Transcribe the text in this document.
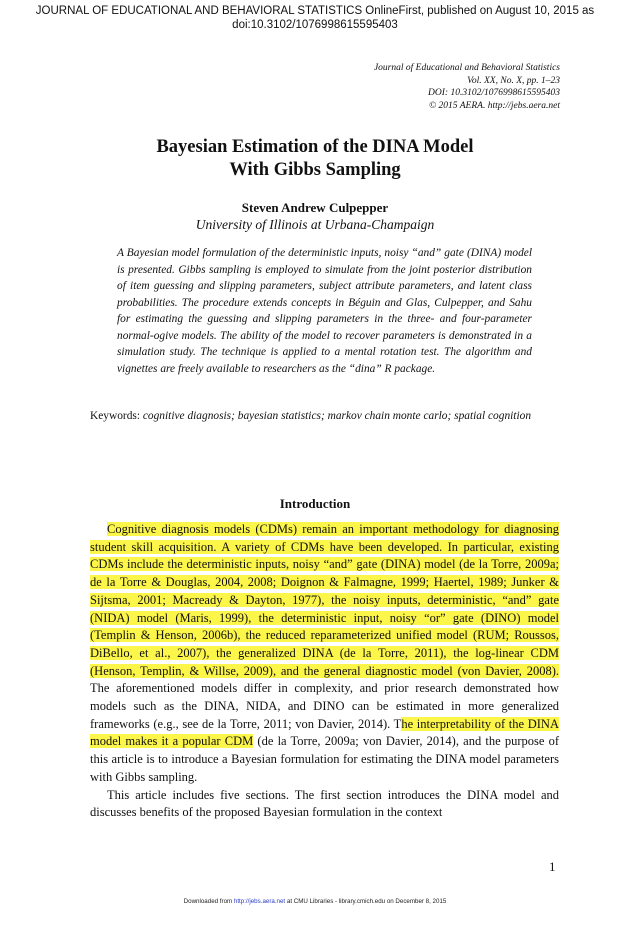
JOURNAL OF EDUCATIONAL AND BEHAVIORAL STATISTICS OnlineFirst, published on August 10, 2015 as
doi:10.3102/1076998615595403
Journal of Educational and Behavioral Statistics
Vol. XX, No. X, pp. 1–23
DOI: 10.3102/1076998615595403
© 2015 AERA. http://jebs.aera.net
Bayesian Estimation of the DINA Model
With Gibbs Sampling
Steven Andrew Culpepper
University of Illinois at Urbana-Champaign

A Bayesian model formulation of the deterministic inputs, noisy “and” gate (DINA) model is presented. Gibbs sampling is employed to simulate from the joint posterior distribution of item guessing and slipping parameters, subject attribute parameters, and latent class probabilities. The procedure extends concepts in Béguin and Glas, Culpepper, and Sahu for estimating the guessing and slipping parameters in the three- and four-parameter normal-ogive models. The ability of the model to recover parameters is demonstrated in a simulation study. The technique is applied to a mental rotation test. The algorithm and vignettes are freely available to researchers as the “dina” R package.

Keywords: cognitive diagnosis; bayesian statistics; markov chain monte carlo; spatial cognition

Introduction

Cognitive diagnosis models (CDMs) remain an important methodology for diagnosing student skill acquisition. A variety of CDMs have been developed. In particular, existing CDMs include the deterministic inputs, noisy “and” gate (DINA) model (de la Torre, 2009a; de la Torre & Douglas, 2004, 2008; Doignon & Falmagne, 1999; Haertel, 1989; Junker & Sijtsma, 2001; Macready & Dayton, 1977), the noisy inputs, deterministic, “and” gate (NIDA) model (Maris, 1999), the deterministic input, noisy “or” gate (DINO) model (Templin & Henson, 2006b), the reduced reparameterized unified model (RUM; Roussos, DiBello, et al., 2007), the generalized DINA (de la Torre, 2011), the log-linear CDM (Henson, Templin, & Willse, 2009), and the general diagnostic model (von Davier, 2008). The aforementioned models differ in complexity, and prior research demonstrated how models such as the DINA, NIDA, and DINO can be estimated in more generalized frameworks (e.g., see de la Torre, 2011; von Davier, 2014). The interpretability of the DINA model makes it a popular CDM (de la Torre, 2009a; von Davier, 2014), and the purpose of this article is to introduce a Bayesian formulation for estimating the DINA model parameters with Gibbs sampling.

This article includes five sections. The first section introduces the DINA model and discusses benefits of the proposed Bayesian formulation in the context

1
Downloaded from http://jebs.aera.net at CMU Libraries - library.cmich.edu on December 8, 2015
